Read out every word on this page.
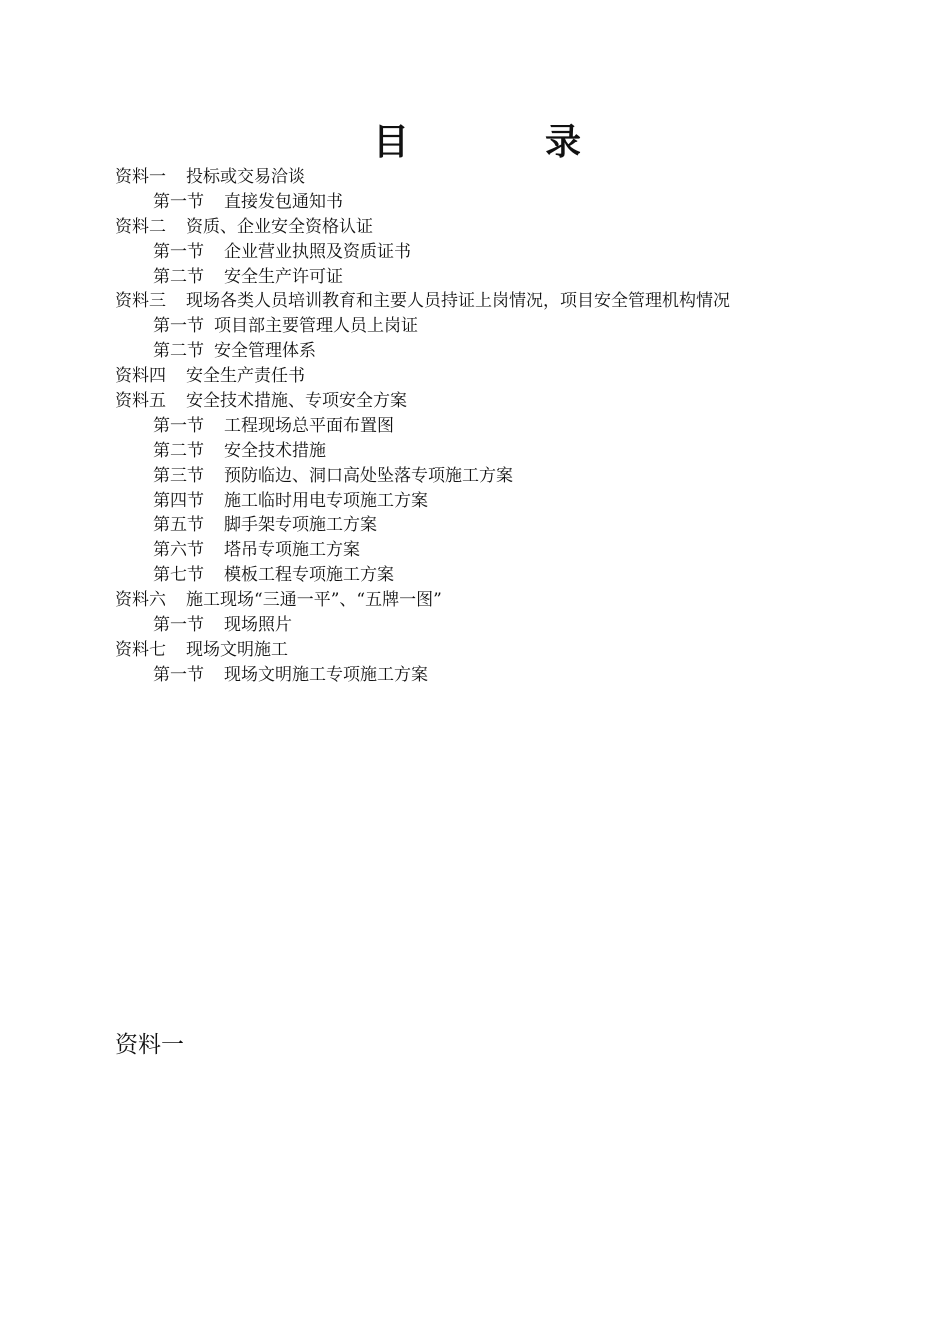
目	录
资料一 投标或交易洽谈
第一节 直接发包通知书
资料二 资质、企业安全资格认证
第一节 企业营业执照及资质证书
第二节 安全生产许可证
资料三 现场各类人员培训教育和主要人员持证上岗情况，项目安全管理机构情况
第一节 项目部主要管理人员上岗证
第二节 安全管理体系
资料四 安全生产责任书
资料五 安全技术措施、专项安全方案
第一节 工程现场总平面布置图
第二节 安全技术措施
第三节 预防临边、洞口高处坠落专项施工方案
第四节 施工临时用电专项施工方案
第五节 脚手架专项施工方案
第六节 塔吊专项施工方案
第七节 模板工程专项施工方案
资料六 施工现场“三通一平”、“五牌一图”
第一节 现场照片
资料七 现场文明施工
第一节 现场文明施工专项施工方案
资料一
